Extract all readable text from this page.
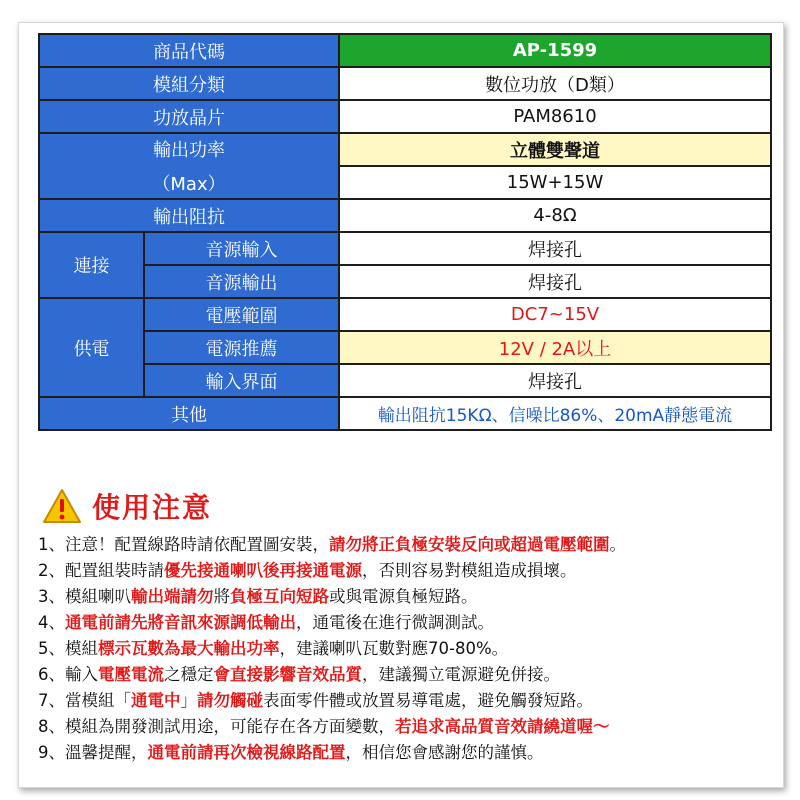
商品代碼		AP-1599
模組分類		數位功放（D類）
功放晶片		PAM8610

輸出功率
（Max）		立體雙聲道
		15W+15W
輸出阻抗		4-8Ω
連接	音源輸入	焊接孔
	音源輸出	焊接孔
供電	電壓範圍	DC7~15V
	電源推薦	12V / 2A以上
	輸入界面	焊接孔
其他		輸出阻抗15KΩ、信噪比86%、20mA靜態電流
使用注意
1、注意！配置線路時請依配置圖安裝，請勿將正負極安裝反向或超過電壓範圍。
2、配置組裝時請優先接通喇叭後再接通電源，否則容易對模組造成損壞。
3、模組喇叭輸出端請勿將負極互向短路或與電源負極短路。
4、通電前請先將音訊來源調低輸出，通電後在進行微調測試。
5、模組標示瓦數為最大輸出功率，建議喇叭瓦數對應70-80%。
6、輸入電壓電流之穩定會直接影響音效品質，建議獨立電源避免併接。
7、當模組「通電中」請勿觸碰表面零件體或放置易導電處，避免觸發短路。
8、模組為開發測試用途，可能存在各方面變數，若追求高品質音效請繞道喔～
9、溫馨提醒，通電前請再次檢視線路配置，相信您會感謝您的謹慎。
